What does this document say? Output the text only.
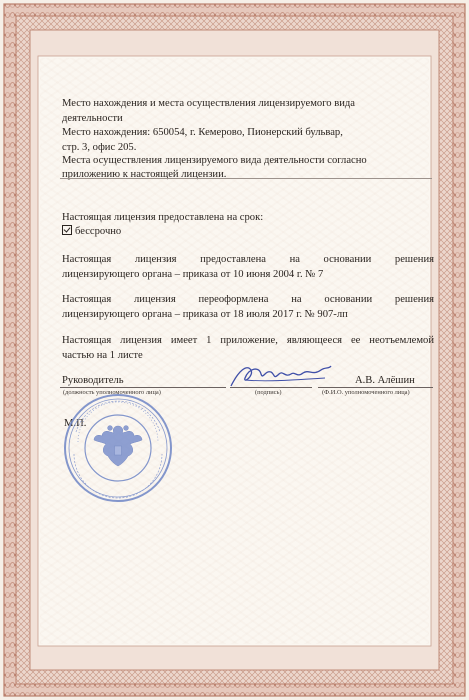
Место нахождения и места осуществления лицензируемого вида
деятельности
Место нахождения: 650054, г. Кемерово, Пионерский бульвар,
стр. 3, офис 205.
Места осуществления лицензируемого вида деятельности согласно
приложению к настоящей лицензии.
Настоящая лицензия предоставлена на срок:
бессрочно
Настоящая лицензия предоставлена на основании решения
лицензирующего органа – приказа от 10 июня 2004 г. № 7
Настоящая лицензия переоформлена на основании решения
лицензирующего органа – приказа от 18 июля 2017 г. № 907-лп
Настоящая лицензия имеет 1 приложение, являющееся ее неотъемлемой
частью на 1 листе
Руководитель	А.В. Алёшин
(должность уполномоченного лица)	(подпись)	(Ф.И.О. уполномоченного лица)
М.П.
